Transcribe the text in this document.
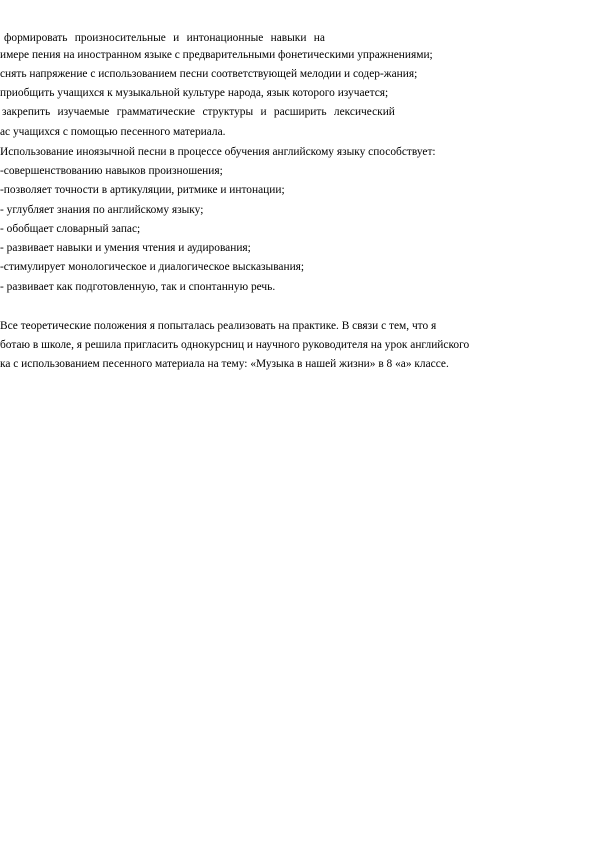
формировать произносительные и интонационные навыки на
имере пения на иностранном языке с предварительными фонетическими упражнениями;
снять напряжение с использованием песни соответствующей мелодии и содер-жания;
приобщить учащихся к музыкальной культуре народа, язык которого изучается;
закрепить изучаемые грамматические структуры и расширить лексический
ас учащихся с помощью песенного материала.
Использование иноязычной песни в процессе обучения английскому языку способствует:
-совершенствованию навыков произношения;
-позволяет точности в артикуляции, ритмике и интонации;
- углубляет знания по английскому языку;
- обобщает словарный запас;
- развивает навыки и умения чтения и аудирования;
-стимулирует монологическое и диалогическое высказывания;
- развивает как подготовленную, так и спонтанную речь.
Все теоретические положения я попыталась реализовать на практике. В связи с тем, что я
ботаю в школе, я решила пригласить однокурсниц и научного руководителя на урок английского
ка с использованием песенного материала на тему: «Музыка в нашей жизни» в 8 «а» классе.
